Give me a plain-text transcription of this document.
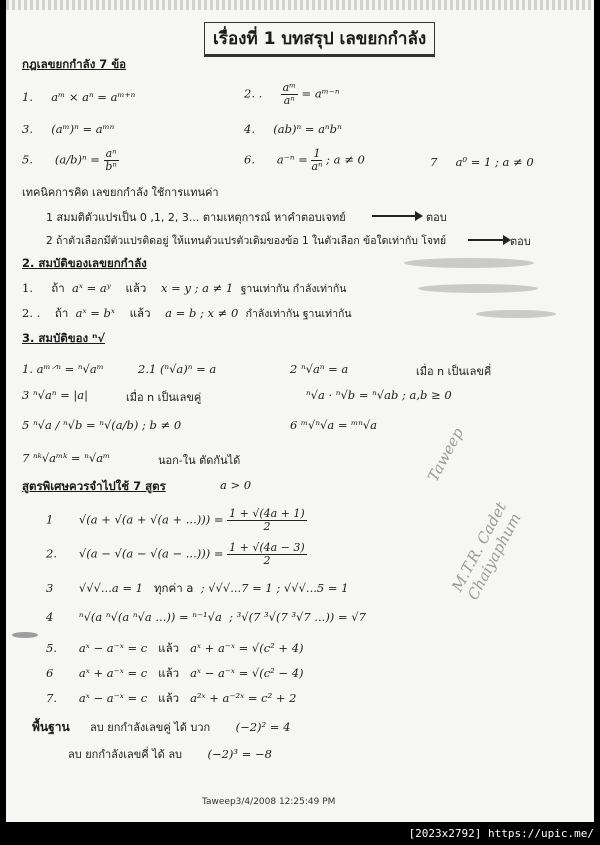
เรื่องที่ 1 บทสรุป เลขยกกำลัง
กฎเลขยกกำลัง 7 ข้อ
1. aᵐ × aⁿ = aᵐ⁺ⁿ	2. . $\frac{\text{aᵐ}}{\text{aⁿ}}$ = aᵐ⁻ⁿ
3. (aᵐ)ⁿ = aᵐⁿ	4. (ab)ⁿ = aⁿbⁿ
5. $(a/b)^n = \frac{\text{aⁿ}}{\text{bⁿ}}$	6. $a^{-n} = \frac{1}{\text{aⁿ}}$ ; a ≠ 0	7 a⁰ = 1 ; a ≠ 0
เทคนิคการคิด เลขยกกำลัง ใช้การแทนค่า
1 สมมติตัวแปรเป็น 0 ,1, 2, 3... ตามเหตุการณ์ หาคำตอบเจทย์	ตอบ
2 ถ้าตัวเลือกมีตัวแปรติดอยู่ ให้แทนตัวแปรตัวเดิมของข้อ 1 ในตัวเลือก ข้อใดเท่ากับ โจทย์	ตอบ
2. สมบัติของเลขยกกำลัง
1. ถ้า aˣ = aʸ แล้ว x = y ; a ≠ 1 ฐานเท่ากัน กำลังเท่ากัน
2. . ถ้า aˣ = bˣ แล้ว a = b ; x ≠ 0 กำลังเท่ากัน ฐานเท่ากัน
3. สมบัติของ ⁿ√
1. aᵐ⸍ⁿ = ⁿ√aᵐ	2.1 (ⁿ√a)ⁿ = a	2 ⁿ√aⁿ = a	เมื่อ n เป็นเลขคี่
3 ⁿ√aⁿ = |a|	เมื่อ n เป็นเลขคู่	ⁿ√a · ⁿ√b = ⁿ√ab ; a,b ≥ 0
5 ⁿ√a / ⁿ√b = ⁿ√(a/b) ; b ≠ 0	6 ᵐ√ⁿ√a = ᵐⁿ√a
7 ⁿᵏ√aᵐᵏ = ⁿ√aᵐ	นอก-ใน ตัดกันได้
สูตรพิเศษควรจำไปใช้ 7 สูตร	a > 0
1 √(a + √(a + √(a + ...))) = $\frac{1 + √(4a + 1)}{2}$
2. √(a − √(a − √(a − ...))) = $\frac{1 + √(4a - 3)}{2}$
3 √√√...a = 1 ทุกค่า a ; √√√...7 = 1 ; √√√...5 = 1
4 ⁿ√(a ⁿ√(a ⁿ√a ...)) = ⁿ⁻¹√a ; ³√(7 ³√(7 ³√7 ...)) = √7
5. aˣ − a⁻ˣ = c แล้ว aˣ + a⁻ˣ = √(c² + 4)
6 aˣ + a⁻ˣ = c แล้ว aˣ − a⁻ˣ = √(c² − 4)
7. aˣ − a⁻ˣ = c แล้ว a²ˣ + a⁻²ˣ = c² + 2
พื้นฐาน ลบ ยกกำลังเลขคู่ ได้ บวก (−2)² = 4
ลบ ยกกำลังเลขคี่ ได้ ลบ (−2)³ = −8
Taweep
M.T.R. Cadet Chaiyaphum
Taweep3/4/2008 12:25:49 PM
[2023x2792] https://upic.me/
